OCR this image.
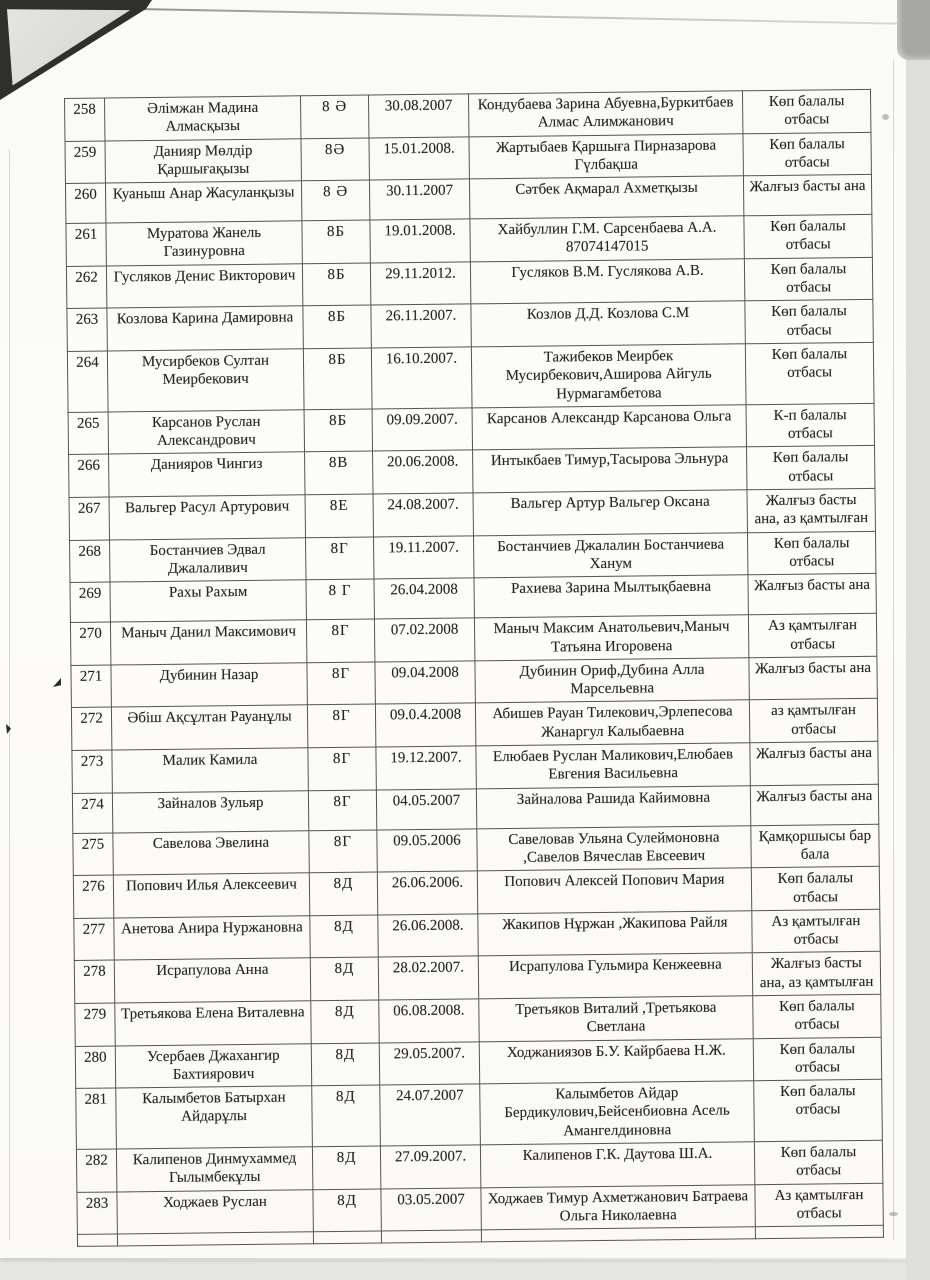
258	Әлімжан Мадина Алмасқызы	8 Ә	30.08.2007	Кондубаева Зарина Абуевна,Буркитбаев Алмас Алимжанович	Көп балалы отбасы
259	Данияр Мөлдір Қаршығақызы	8Ә	15.01.2008.	Жартыбаев Қаршыға Пирназарова Гүлбақша	Көп балалы отбасы
260	Куаныш Анар Жасуланқызы	8 Ә	30.11.2007	Сәтбек Ақмарал Ахметқызы	Жалғыз басты ана
261	Муратова Жанель Газинуровна	8Б	19.01.2008.	Хайбуллин Г.М. Сарсенбаева А.А. 87074147015	Көп балалы отбасы
262	Гусляков Денис Викторович	8Б	29.11.2012.	Гусляков В.М. Гуслякова А.В.	Көп балалы отбасы
263	Козлова Карина Дамировна	8Б	26.11.2007.	Козлов Д.Д. Козлова С.М	Көп балалы отбасы
264	Мусирбеков Султан Меирбекович	8Б	16.10.2007.	Тажибеков Меирбек Мусирбекович,Аширова Айгуль Нурмагамбетова	Көп балалы отбасы
265	Карсанов Руслан Александрович	8Б	09.09.2007.	Карсанов Александр Карсанова Ольга	К-п балалы отбасы
266	Данияров Чингиз	8В	20.06.2008.	Интыкбаев Тимур,Тасырова Эльнура	Көп балалы отбасы
267	Вальгер Расул Артурович	8Е	24.08.2007.	Вальгер Артур Вальгер Оксана	Жалғыз басты ана, аз қамтылған
268	Бостанчиев Эдвал Джалаливич	8Г	19.11.2007.	Бостанчиев Джалалин Бостанчиева Ханум	Көп балалы отбасы
269	Рахы Рахым	8 Г	26.04.2008	Рахиева Зарина Мылтықбаевна	Жалғыз басты ана
270	Маныч Данил Максимович	8Г	07.02.2008	Маныч Максим Анатольевич,Маныч Татьяна Игоровена	Аз қамтылған отбасы
271	Дубинин Назар	8Г	09.04.2008	Дубинин Ориф,Дубина Алла Марсельевна	Жалғыз басты ана
272	Әбіш Ақсұлтан Рауанұлы	8Г	09.0.4.2008	Абишев Рауан Тилекович,Эрлепесова Жанаргул Калыбаевна	аз қамтылған отбасы
273	Малик Камила	8Г	19.12.2007.	Елюбаев Руслан Маликович,Елюбаев Евгения Васильевна	Жалғыз басты ана
274	Зайналов Зульяр	8Г	04.05.2007	Зайналова Рашида Кайимовна	Жалғыз басты ана
275	Савелова Эвелина	8Г	09.05.2006	Савеловав Ульяна Сулеймоновна ,Савелов Вячеслав Евсеевич	Қамқоршысы бар бала
276	Попович Илья Алексеевич	8Д	26.06.2006.	Попович Алексей Попович Мария	Көп балалы отбасы
277	Анетова Анира Нуржановна	8Д	26.06.2008.	Жакипов Нұржан ,Жакипова Райля	Аз қамтылған отбасы
278	Исрапулова Анна	8Д	28.02.2007.	Исрапулова Гульмира Кенжеевна	Жалғыз басты ана, аз қамтылған
279	Третьякова Елена Виталевна	8Д	06.08.2008.	Третьяков Виталий ,Третьякова Светлана	Көп балалы отбасы
280	Усербаев Джахангир Бахтиярович	8Д	29.05.2007.	Ходжаниязов Б.У. Кайрбаева Н.Ж.	Көп балалы отбасы
281	Калымбетов Батырхан Айдарұлы	8Д	24.07.2007	Калымбетов Айдар Бердикулович,Бейсенбиовна Асель Амангелдиновна	Көп балалы отбасы
282	Калипенов Динмухаммед Гылымбекұлы	8Д	27.09.2007.	Калипенов Г.К. Даутова Ш.А.	Көп балалы отбасы
283	Ходжаев Руслан	8Д	03.05.2007	Ходжаев Тимур Ахметжанович Батраева Ольга Николаевна	Аз қамтылған отбасы
